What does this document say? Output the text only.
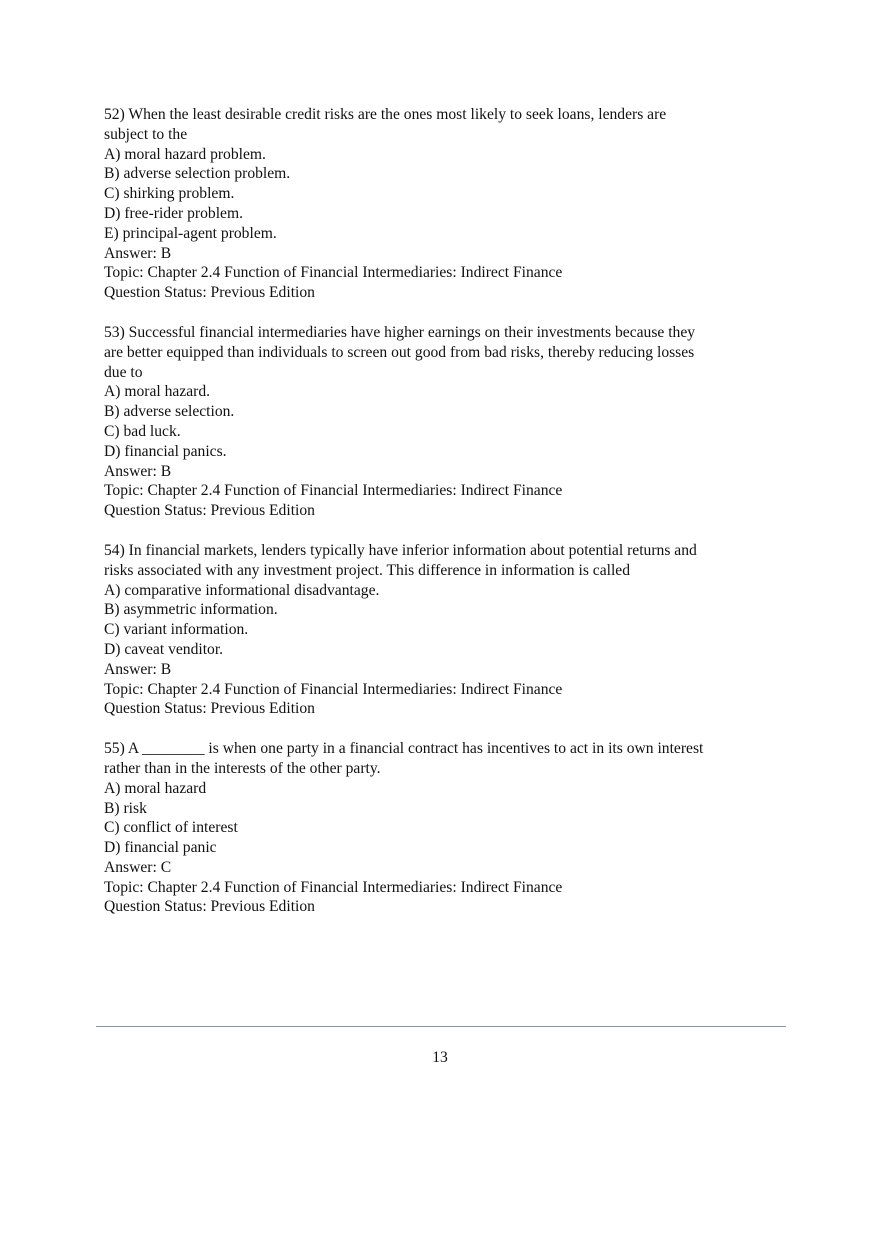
52) When the least desirable credit risks are the ones most likely to seek loans, lenders are
subject to the
A) moral hazard problem.
B) adverse selection problem.
C) shirking problem.
D) free-rider problem.
E) principal-agent problem.
Answer: B
Topic: Chapter 2.4 Function of Financial Intermediaries: Indirect Finance
Question Status: Previous Edition
53) Successful financial intermediaries have higher earnings on their investments because they
are better equipped than individuals to screen out good from bad risks, thereby reducing losses
due to
A) moral hazard.
B) adverse selection.
C) bad luck.
D) financial panics.
Answer: B
Topic: Chapter 2.4 Function of Financial Intermediaries: Indirect Finance
Question Status: Previous Edition
54) In financial markets, lenders typically have inferior information about potential returns and
risks associated with any investment project. This difference in information is called
A) comparative informational disadvantage.
B) asymmetric information.
C) variant information.
D) caveat venditor.
Answer: B
Topic: Chapter 2.4 Function of Financial Intermediaries: Indirect Finance
Question Status: Previous Edition
55) A ________ is when one party in a financial contract has incentives to act in its own interest
rather than in the interests of the other party.
A) moral hazard
B) risk
C) conflict of interest
D) financial panic
Answer: C
Topic: Chapter 2.4 Function of Financial Intermediaries: Indirect Finance
Question Status: Previous Edition
13
